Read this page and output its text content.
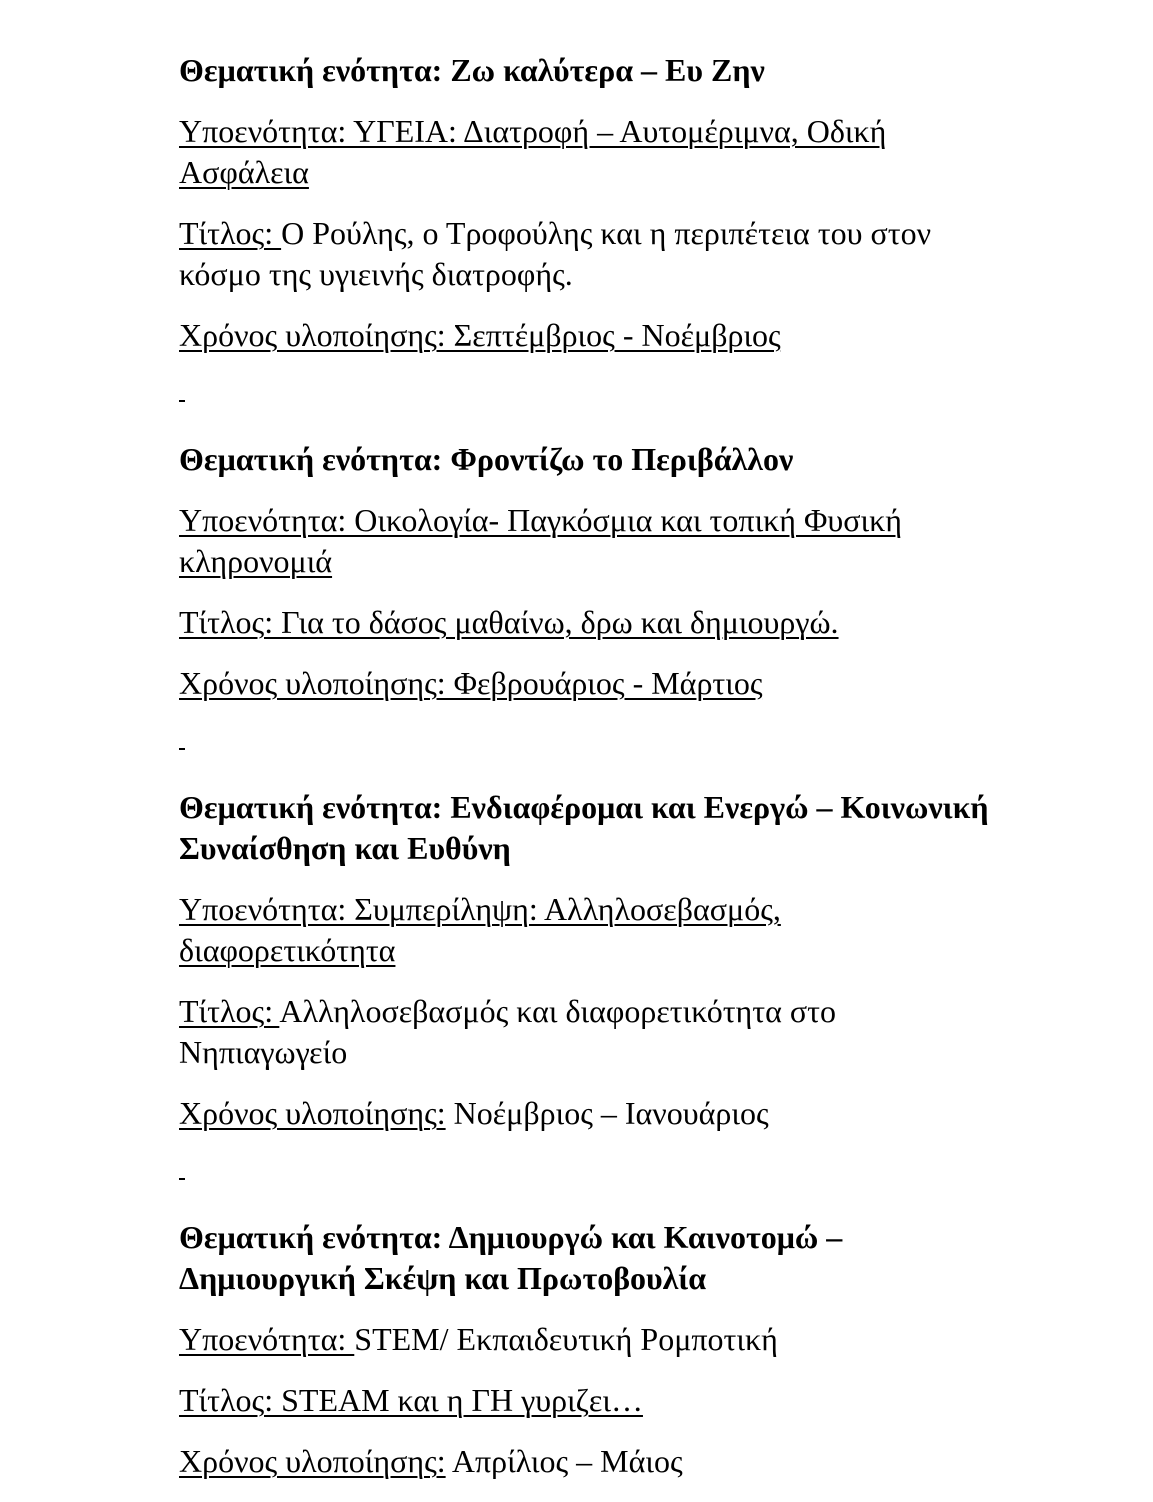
Θεματική ενότητα: Ζω καλύτερα – Ευ Ζην

Υποενότητα: ΥΓΕΙΑ: Διατροφή – Αυτομέριμνα, Οδική Ασφάλεια

Τίτλος: Ο Ρούλης, ο Τροφούλης και η περιπέτεια του στον κόσμο της υγιεινής διατροφής.

Χρόνος υλοποίησης: Σεπτέμβριος - Νοέμβριος

Θεματική ενότητα: Φροντίζω το Περιβάλλον

Υποενότητα: Οικολογία- Παγκόσμια και τοπική Φυσική κληρονομιά

Τίτλος: Για το δάσος μαθαίνω, δρω και δημιουργώ.

Χρόνος υλοποίησης: Φεβρουάριος - Μάρτιος

Θεματική ενότητα: Ενδιαφέρομαι και Ενεργώ – Κοινωνική Συναίσθηση και Ευθύνη

Υποενότητα: Συμπερίληψη: Αλληλοσεβασμός, διαφορετικότητα

Τίτλος: Αλληλοσεβασμός και διαφορετικότητα στο Νηπιαγωγείο

Χρόνος υλοποίησης: Νοέμβριος – Ιανουάριος

Θεματική ενότητα: Δημιουργώ και Καινοτομώ – Δημιουργική Σκέψη και Πρωτοβουλία

Υποενότητα: STEM/ Εκπαιδευτική Ρομποτική

Τίτλος: STEAM και η ΓΗ γυριζει…

Χρόνος υλοποίησης: Απρίλιος – Μάιος
